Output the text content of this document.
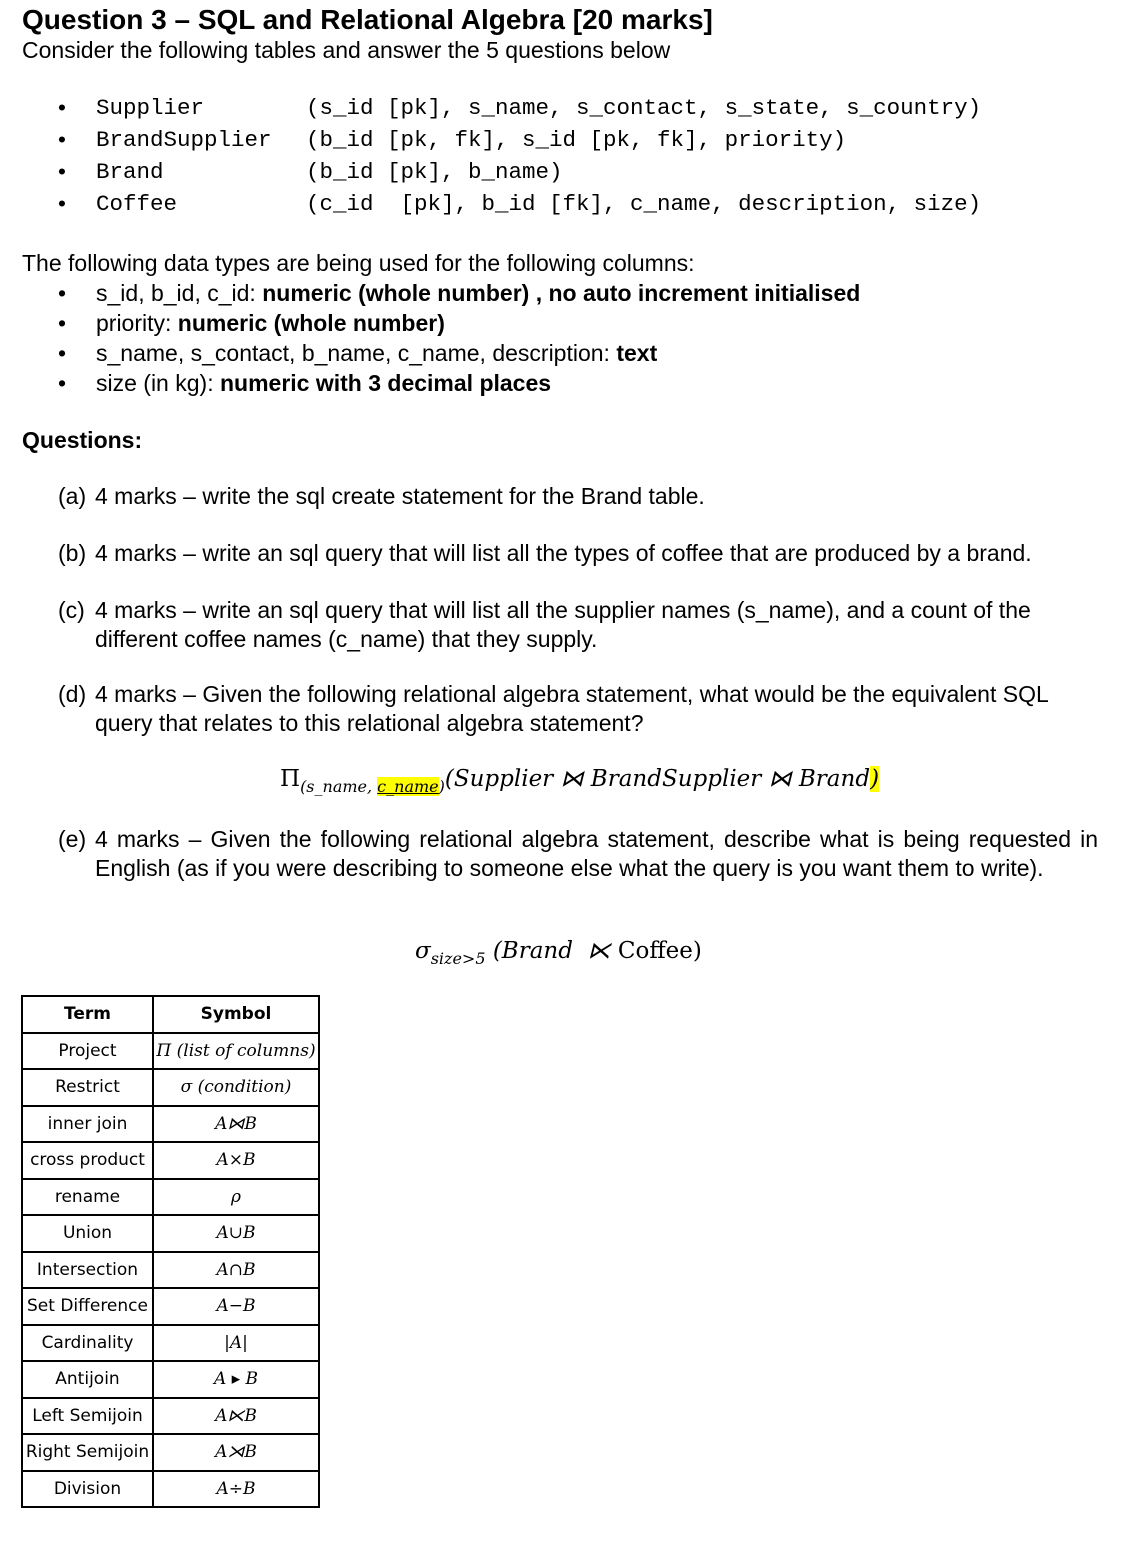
Question 3 – SQL and Relational Algebra [20 marks]
Consider the following tables and answer the 5 questions below
• Supplier	(s_id [pk], s_name, s_contact, s_state, s_country)
• BrandSupplier (b_id [pk, fk], s_id [pk, fk], priority)
• Brand	(b_id [pk], b_name)
• Coffee	(c_id  [pk], b_id [fk], c_name, description, size)
The following data types are being used for the following columns:
• s_id, b_id, c_id: numeric (whole number) , no auto increment initialised
• priority: numeric (whole number)
• s_name, s_contact, b_name, c_name, description: text
• size (in kg): numeric with 3 decimal places
Questions:
(a) 4 marks – write the sql create statement for the Brand table.
(b) 4 marks – write an sql query that will list all the types of coffee that are produced by a brand.
(c) 4 marks – write an sql query that will list all the supplier names (s_name), and a count of the different coffee names (c_name) that they supply.
(d) 4 marks – Given the following relational algebra statement, what would be the equivalent SQL query that relates to this relational algebra statement?
$\Pi_{(s\_name, c\_name)}(Supplier$ ⋈ BrandSupplier ⋈ Brand)
(e) 4 marks – Given the following relational algebra statement, describe what is being requested in English (as if you were describing to someone else what the query is you want them to write).
$\sigma_{size>5}$ (Brand  ⋉ Coffee)
Term	Symbol
Project	Π (list of columns)
Restrict	σ (condition)
inner join	A⋈B
cross product	A×B
rename	ρ
Union	A∪B
Intersection	A∩B
Set Difference	A−B
Cardinality	|A|
Antijoin	A ▸ B
Left Semijoin	A⋉B
Right Semijoin	A⋊B
Division	A÷B
